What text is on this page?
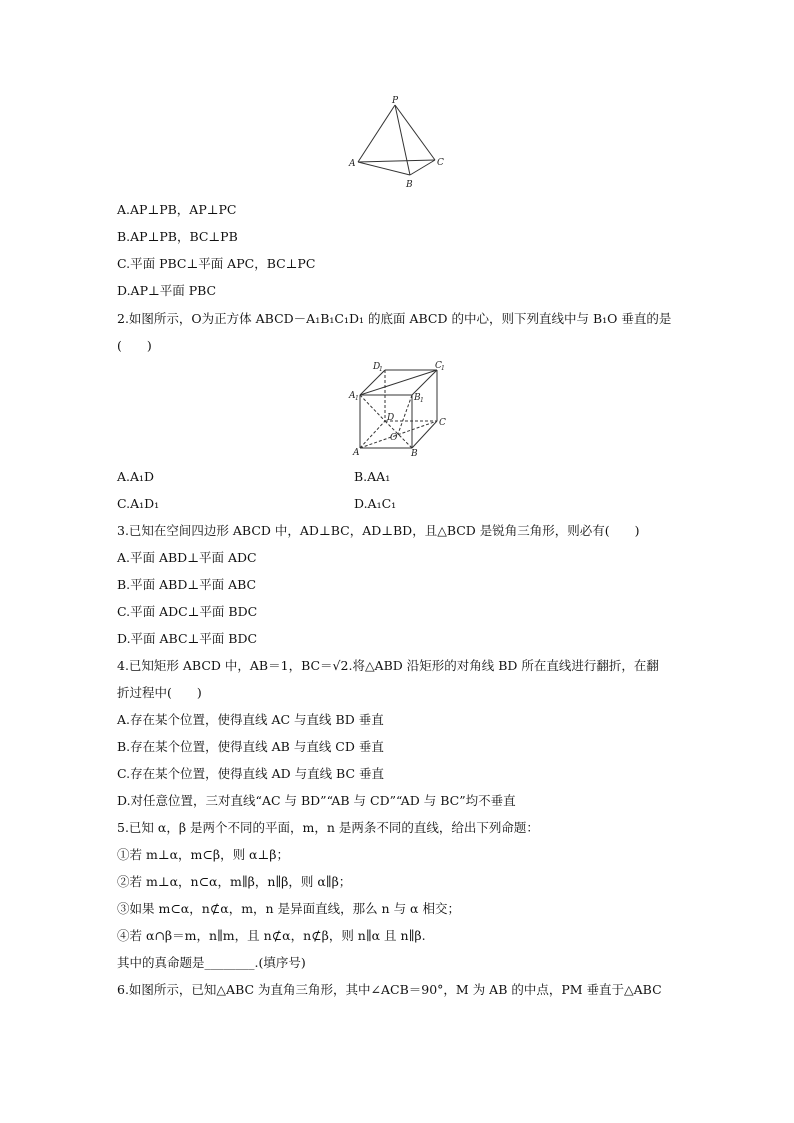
P
A
B
C
D
1	C 1
A 1	B 1
D
O
A	B
C
A.AP⊥PB，AP⊥PC
B.AP⊥PB，BC⊥PB
C.平面 PBC⊥平面 APC，BC⊥PC
D.AP⊥平面 PBC
2.如图所示，O为正方体 ABCD－A₁B₁C₁D₁ 的底面 ABCD 的中心，则下列直线中与 B₁O 垂直的是
(　　)
A.A₁D	B.AA₁
C.A₁D₁	D.A₁C₁
3.已知在空间四边形 ABCD 中，AD⊥BC，AD⊥BD，且△BCD 是锐角三角形，则必有(　　)
A.平面 ABD⊥平面 ADC
B.平面 ABD⊥平面 ABC
C.平面 ADC⊥平面 BDC
D.平面 ABC⊥平面 BDC
4.已知矩形 ABCD 中，AB＝1，BC＝√2.将△ABD 沿矩形的对角线 BD 所在直线进行翻折，在翻
折过程中(　　)
A.存在某个位置，使得直线 AC 与直线 BD 垂直
B.存在某个位置，使得直线 AB 与直线 CD 垂直
C.存在某个位置，使得直线 AD 与直线 BC 垂直
D.对任意位置，三对直线“AC 与 BD”“AB 与 CD”“AD 与 BC”均不垂直
5.已知 α，β 是两个不同的平面，m，n 是两条不同的直线，给出下列命题：
①若 m⊥α，m⊂β，则 α⊥β；
②若 m⊥α，n⊂α，m∥β，n∥β，则 α∥β；
③如果 m⊂α，n⊄α，m，n 是异面直线，那么 n 与 α 相交；
④若 α∩β＝m，n∥m，且 n⊄α，n⊄β，则 n∥α 且 n∥β.
其中的真命题是________.(填序号)
6.如图所示，已知△ABC 为直角三角形，其中∠ACB＝90°，M 为 AB 的中点，PM 垂直于△ABC
